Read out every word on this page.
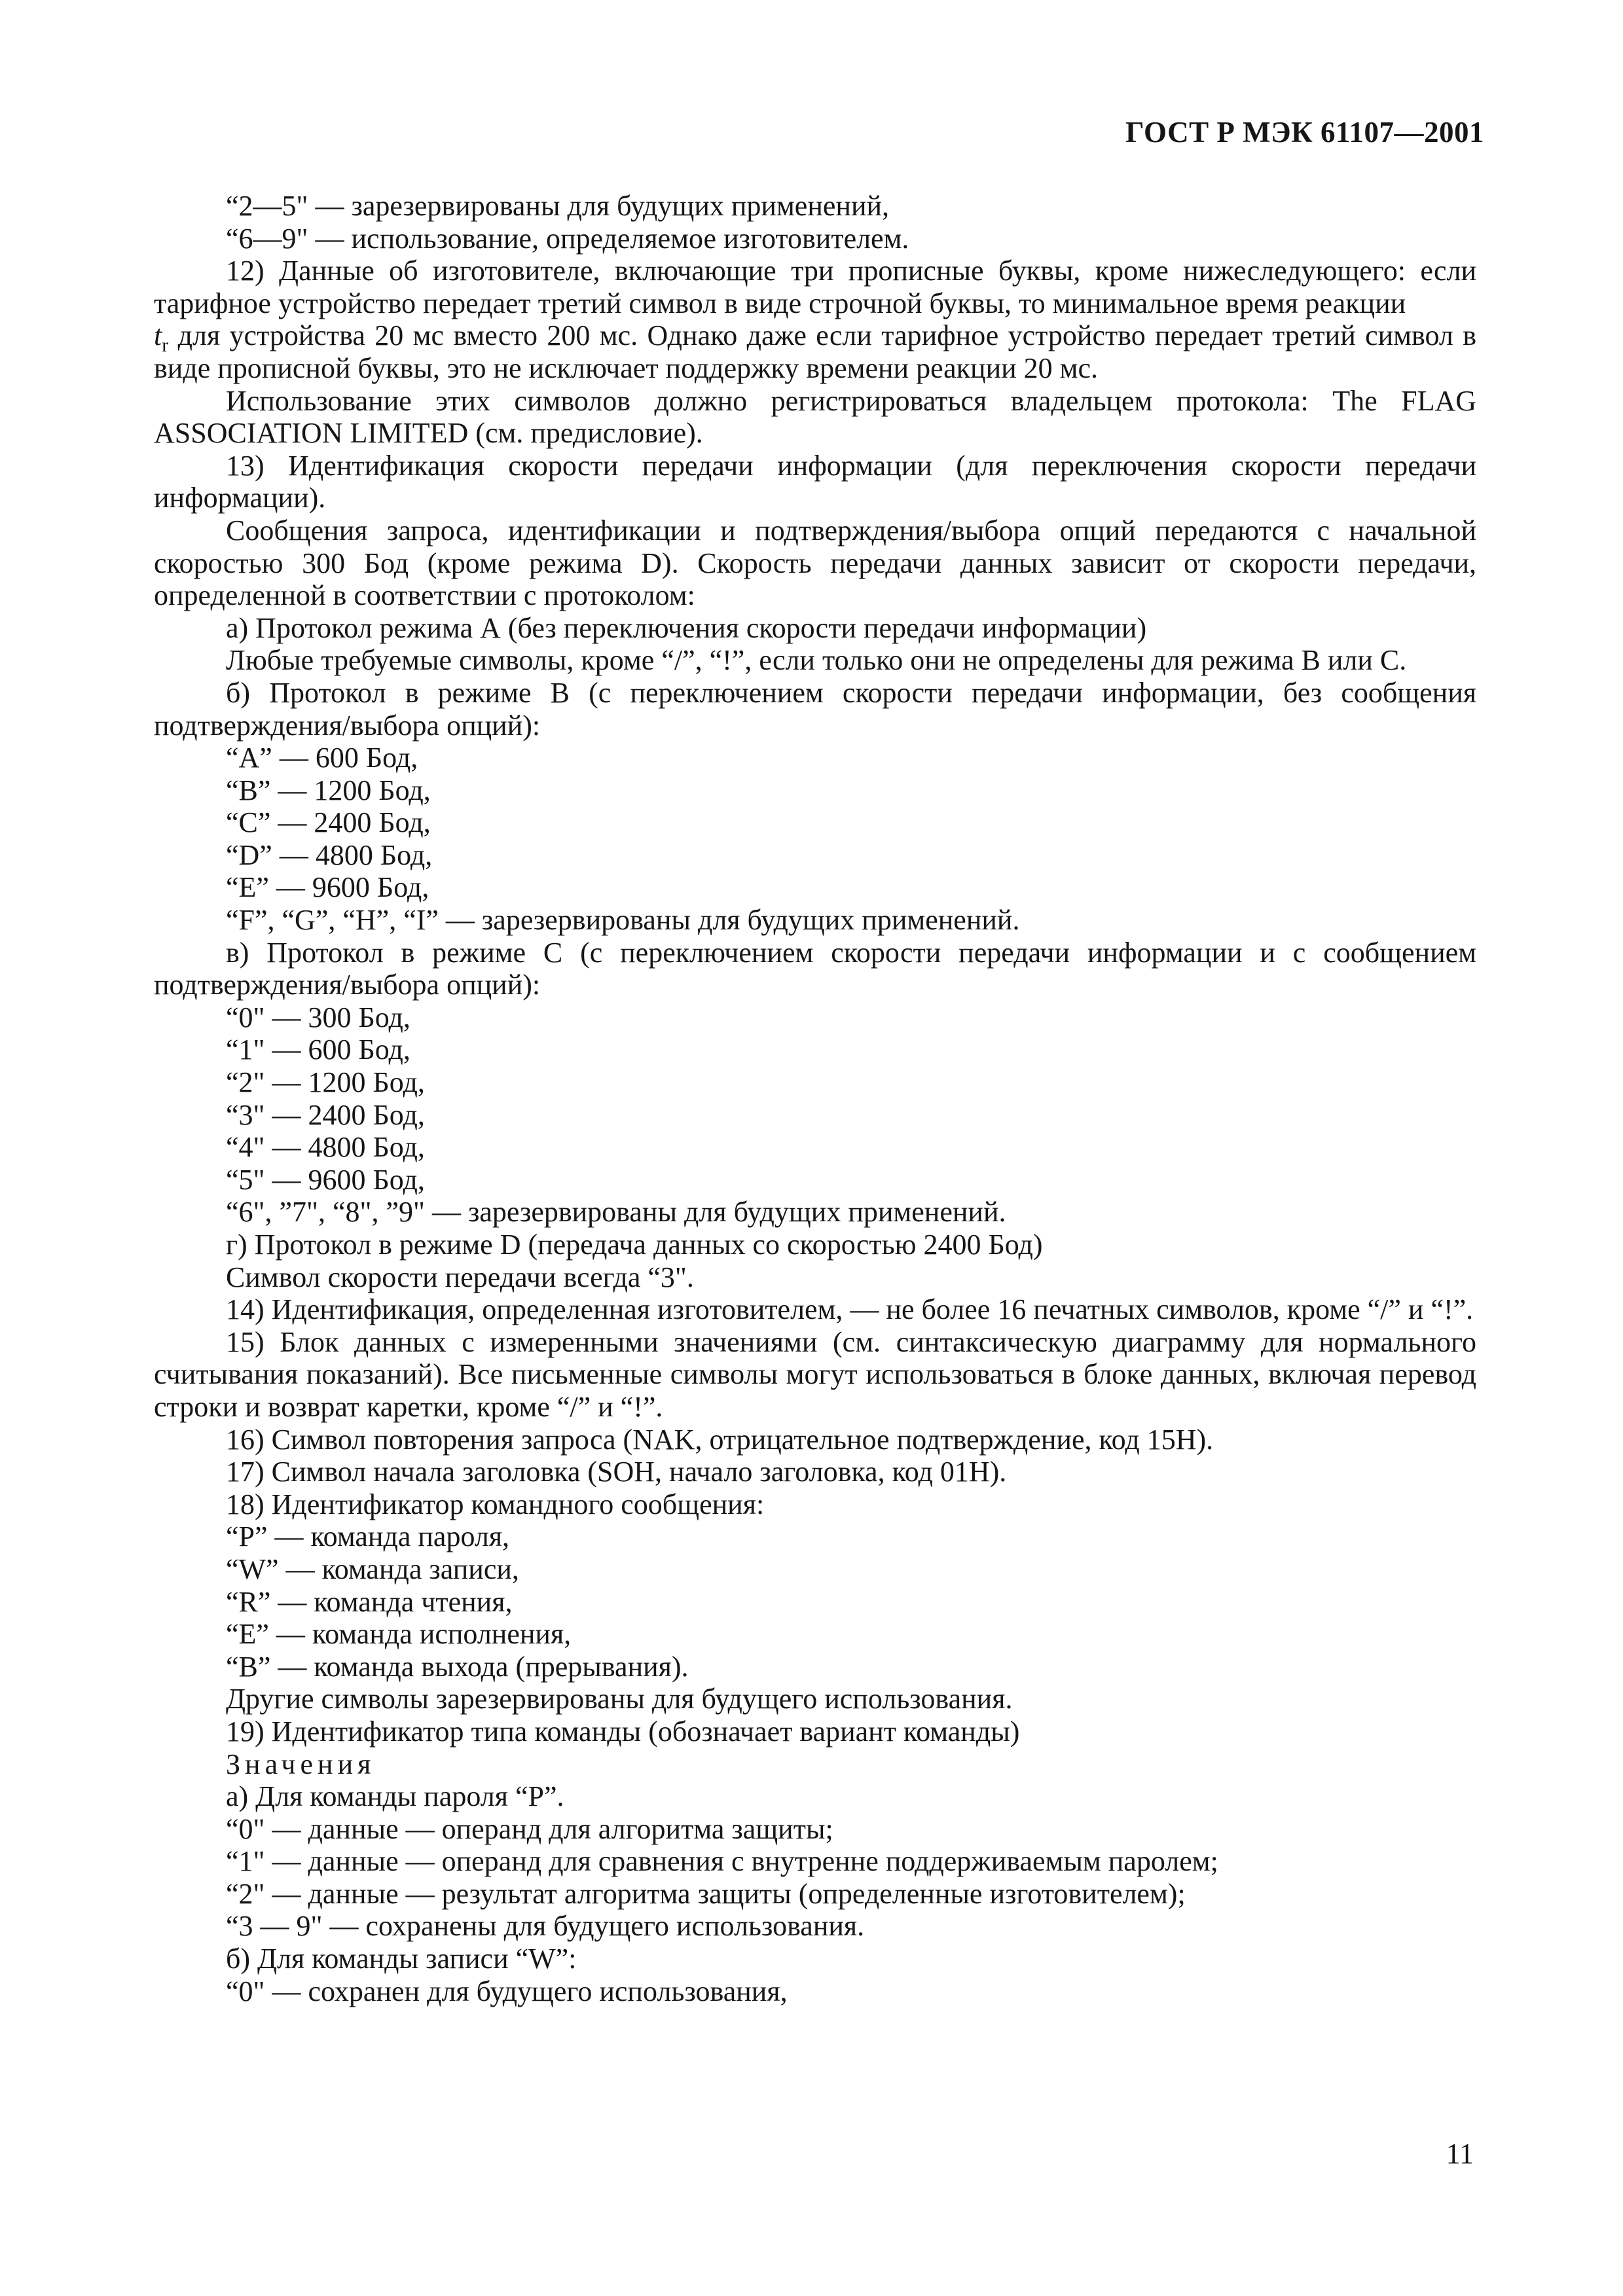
ГОСТ Р МЭК 61107—2001

“2—5" — зарезервированы для будущих применений,

“6—9" — использование, определяемое изготовителем.

12) Данные об изготовителе, включающие три прописные буквы, кроме нижеследующего: если тарифное устройство передает третий символ в виде строчной буквы, то минимальное время реакции

$t_r$ для устройства 20 мс вместо 200 мс. Однако даже если тарифное устройство передает третий символ в виде прописной буквы, это не исключает поддержку времени реакции 20 мс.

Использование этих символов должно регистрироваться владельцем протокола: The FLAG ASSOCIATION LIMITED (см. предисловие).

13) Идентификация скорости передачи информации (для переключения скорости передачи информации).

Сообщения запроса, идентификации и подтверждения/выбора опций передаются с начальной скоростью 300 Бод (кроме режима D). Скорость передачи данных зависит от скорости передачи, определенной в соответствии с протоколом:

а) Протокол режима А (без переключения скорости передачи информации)

Любые требуемые символы, кроме “/”, “!”, если только они не определены для режима В или С.

б) Протокол в режиме В (с переключением скорости передачи информации, без сообщения подтверждения/выбора опций):

“А” — 600 Бод,

“В” — 1200 Бод,

“С” — 2400 Бод,

“D” — 4800 Бод,

“Е” — 9600 Бод,

“F”, “G”, “H”, “I” — зарезервированы для будущих применений.

в) Протокол в режиме С (с переключением скорости передачи информации и с сообщением подтверждения/выбора опций):

“0" — 300 Бод,

“1" — 600 Бод,

“2" — 1200 Бод,

“3" — 2400 Бод,

“4" — 4800 Бод,

“5" — 9600 Бод,

“6", ”7", “8", ”9" — зарезервированы для будущих применений.

г) Протокол в режиме D (передача данных со скоростью 2400 Бод)

Символ скорости передачи всегда “3".

14) Идентификация, определенная изготовителем, — не более 16 печатных символов, кроме “/” и “!”.

15) Блок данных с измеренными значениями (см. синтаксическую диаграмму для нормального считывания показаний). Все письменные символы могут использоваться в блоке данных, включая перевод строки и возврат каретки, кроме “/” и “!”.

16) Символ повторения запроса (NAK, отрицательное подтверждение, код 15H).

17) Символ начала заголовка (SOH, начало заголовка, код 01H).

18) Идентификатор командного сообщения:

“Р” — команда пароля,

“W” — команда записи,

“R” — команда чтения,

“Е” — команда исполнения,

“В” — команда выхода (прерывания).

Другие символы зарезервированы для будущего использования.

19) Идентификатор типа команды (обозначает вариант команды)

Значения

а) Для команды пароля “Р”.

“0" — данные — операнд для алгоритма защиты;

“1" — данные — операнд для сравнения с внутренне поддерживаемым паролем;

“2" — данные — результат алгоритма защиты (определенные изготовителем);

“3 — 9" — сохранены для будущего использования.

б) Для команды записи “W”:

“0" — сохранен для будущего использования,

11
